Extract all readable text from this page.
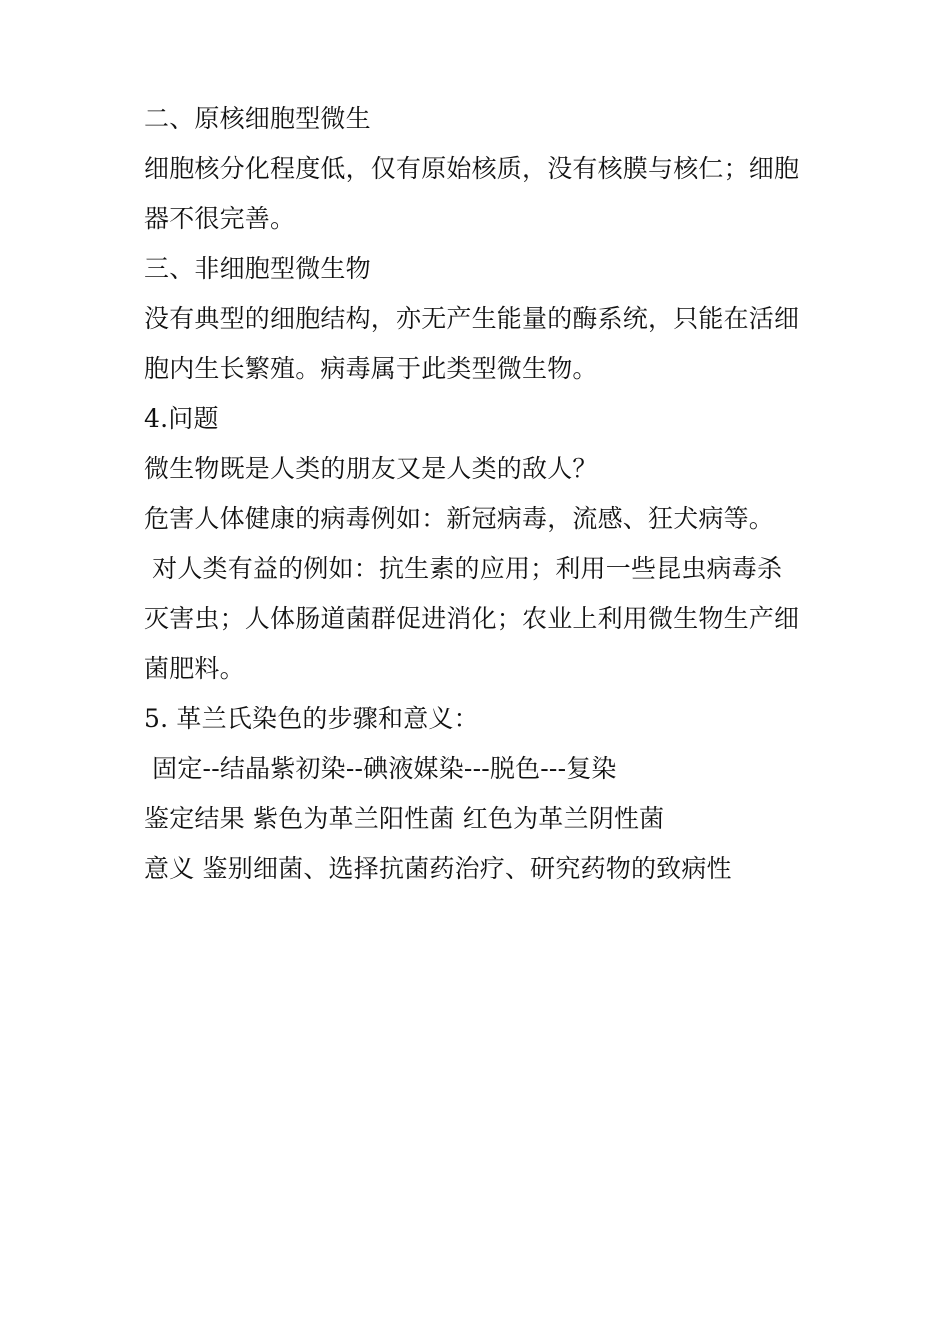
二、原核细胞型微生
细胞核分化程度低，仅有原始核质，没有核膜与核仁；细胞
器不很完善。
三、非细胞型微生物
没有典型的细胞结构，亦无产生能量的酶系统，只能在活细
胞内生长繁殖。病毒属于此类型微生物。
4.问题
微生物既是人类的朋友又是人类的敌人？
危害人体健康的病毒例如：新冠病毒，流感、狂犬病等。
对人类有益的例如：抗生素的应用；利用一些昆虫病毒杀
灭害虫；人体肠道菌群促进消化；农业上利用微生物生产细
菌肥料。
5. 革兰氏染色的步骤和意义：
固定--结晶紫初染--碘液媒染---脱色---复染
鉴定结果 紫色为革兰阳性菌 红色为革兰阴性菌
意义 鉴别细菌、选择抗菌药治疗、研究药物的致病性
